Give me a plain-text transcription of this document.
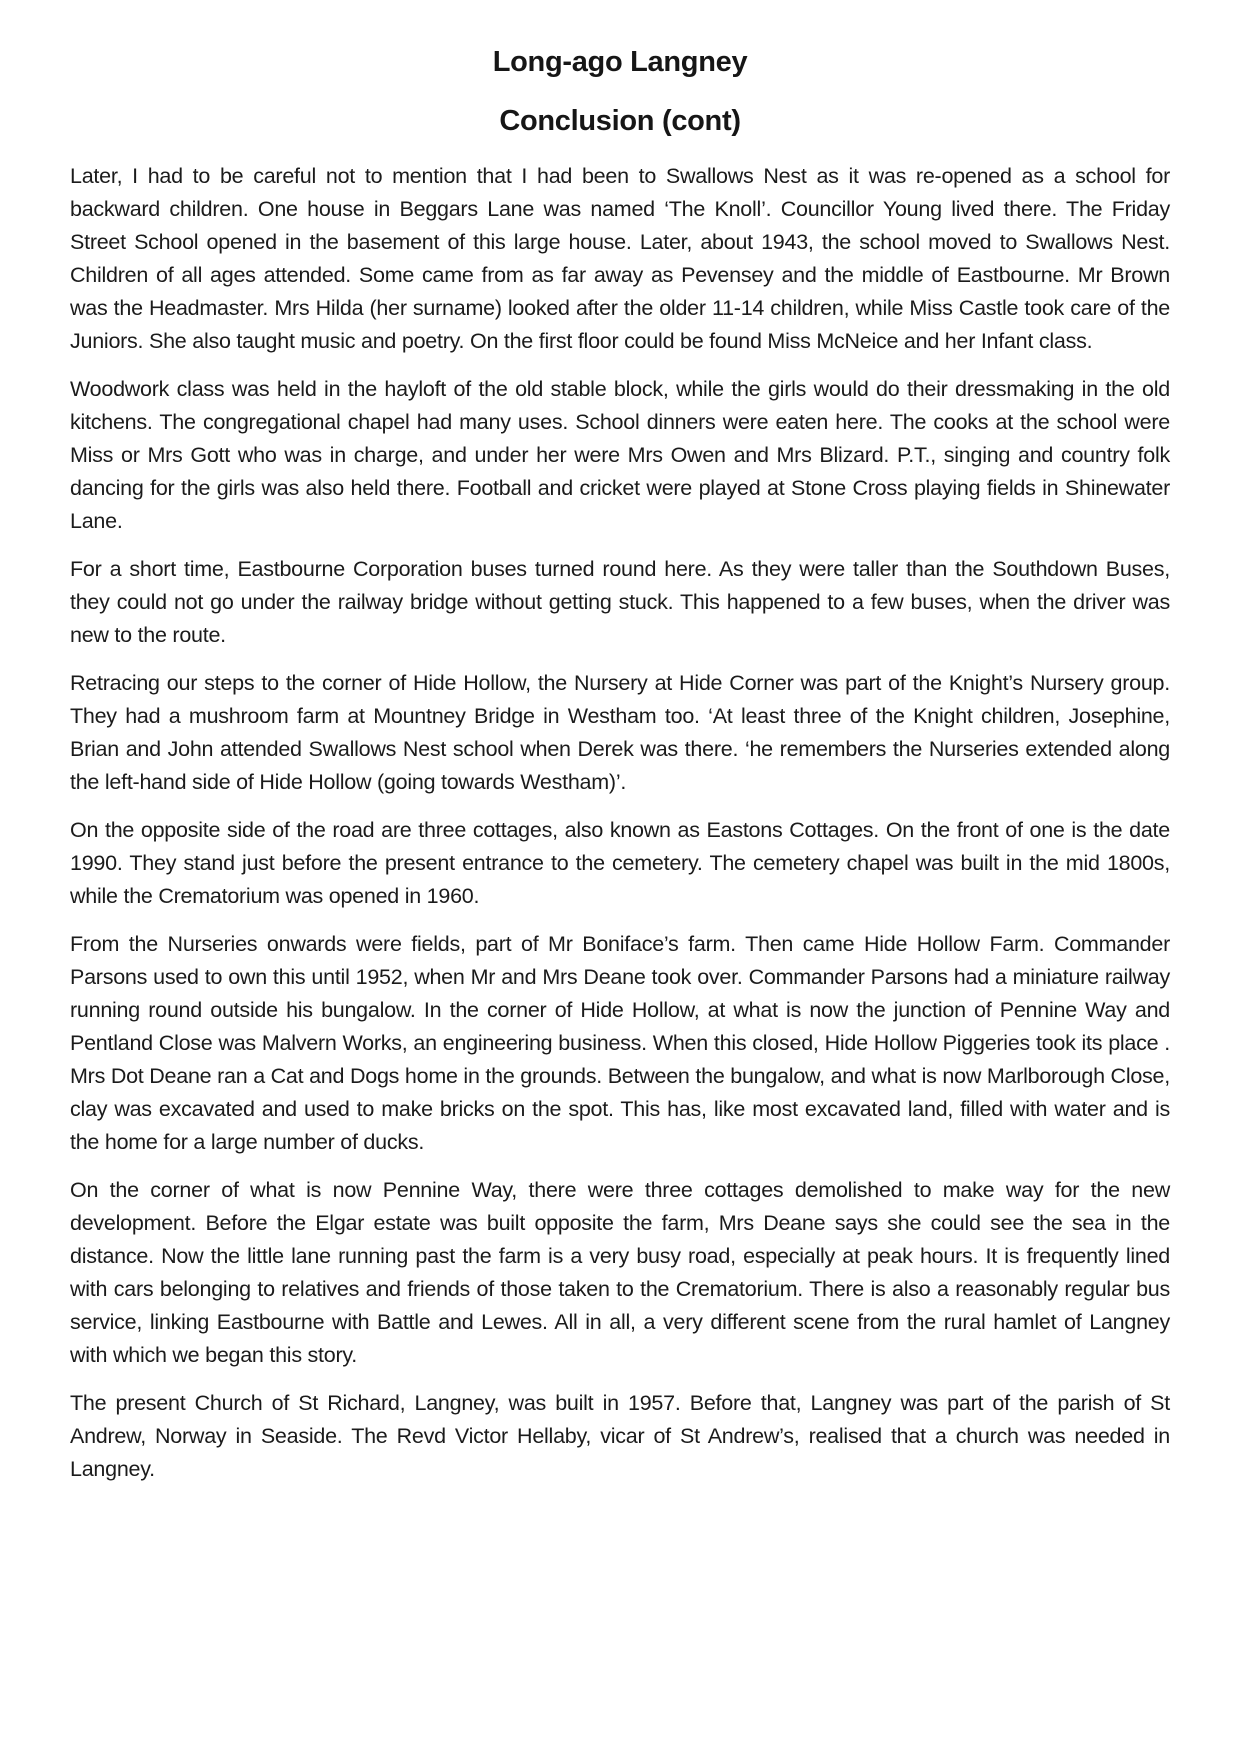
Long-ago Langney
Conclusion (cont)

Later, I had to be careful not to mention that I had been to Swallows Nest as it was re-opened as a school for backward children. One house in Beggars Lane was named ‘The Knoll’. Councillor Young lived there. The Friday Street School opened in the basement of this large house. Later, about 1943, the school moved to Swallows Nest. Children of all ages attended. Some came from as far away as Pevensey and the middle of Eastbourne. Mr Brown was the Headmaster. Mrs Hilda (her surname) looked after the older 11-14 children, while Miss Castle took care of the Juniors. She also taught music and poetry. On the first floor could be found Miss McNeice and her Infant class.

Woodwork class was held in the hayloft of the old stable block, while the girls would do their dressmaking in the old kitchens. The congregational chapel had many uses. School dinners were eaten here. The cooks at the school were Miss or Mrs Gott who was in charge, and under her were Mrs Owen and Mrs Blizard. P.T., singing and country folk dancing for the girls was also held there. Football and cricket were played at Stone Cross playing fields in Shinewater Lane.

For a short time, Eastbourne Corporation buses turned round here. As they were taller than the Southdown Buses, they could not go under the railway bridge without getting stuck. This happened to a few buses, when the driver was new to the route.

Retracing our steps to the corner of Hide Hollow, the Nursery at Hide Corner was part of the Knight’s Nursery group. They had a mushroom farm at Mountney Bridge in Westham too. ‘At least three of the Knight children, Josephine, Brian and John attended Swallows Nest school when Derek was there. ‘he remembers the Nurseries extended along the left-hand side of Hide Hollow (going towards Westham)’.

On the opposite side of the road are three cottages, also known as Eastons Cottages. On the front of one is the date 1990. They stand just before the present entrance to the cemetery. The cemetery chapel was built in the mid 1800s, while the Crematorium was opened in 1960.

From the Nurseries onwards were fields, part of Mr Boniface’s farm. Then came Hide Hollow Farm. Commander Parsons used to own this until 1952, when Mr and Mrs Deane took over. Commander Parsons had a miniature railway running round outside his bungalow. In the corner of Hide Hollow, at what is now the junction of Pennine Way and Pentland Close was Malvern Works, an engineering business. When this closed, Hide Hollow Piggeries took its place . Mrs Dot Deane ran a Cat and Dogs home in the grounds. Between the bungalow, and what is now Marlborough Close, clay was excavated and used to make bricks on the spot. This has, like most excavated land, filled with water and is the home for a large number of ducks.

On the corner of what is now Pennine Way, there were three cottages demolished to make way for the new development. Before the Elgar estate was built opposite the farm, Mrs Deane says she could see the sea in the distance. Now the little lane running past the farm is a very busy road, especially at peak hours. It is frequently lined with cars belonging to relatives and friends of those taken to the Crematorium. There is also a reasonably regular bus service, linking Eastbourne with Battle and Lewes. All in all, a very different scene from the rural hamlet of Langney with which we began this story.

The present Church of St Richard, Langney, was built in 1957. Before that, Langney was part of the parish of St Andrew, Norway in Seaside. The Revd Victor Hellaby, vicar of St Andrew’s, realised that a church was needed in Langney.
